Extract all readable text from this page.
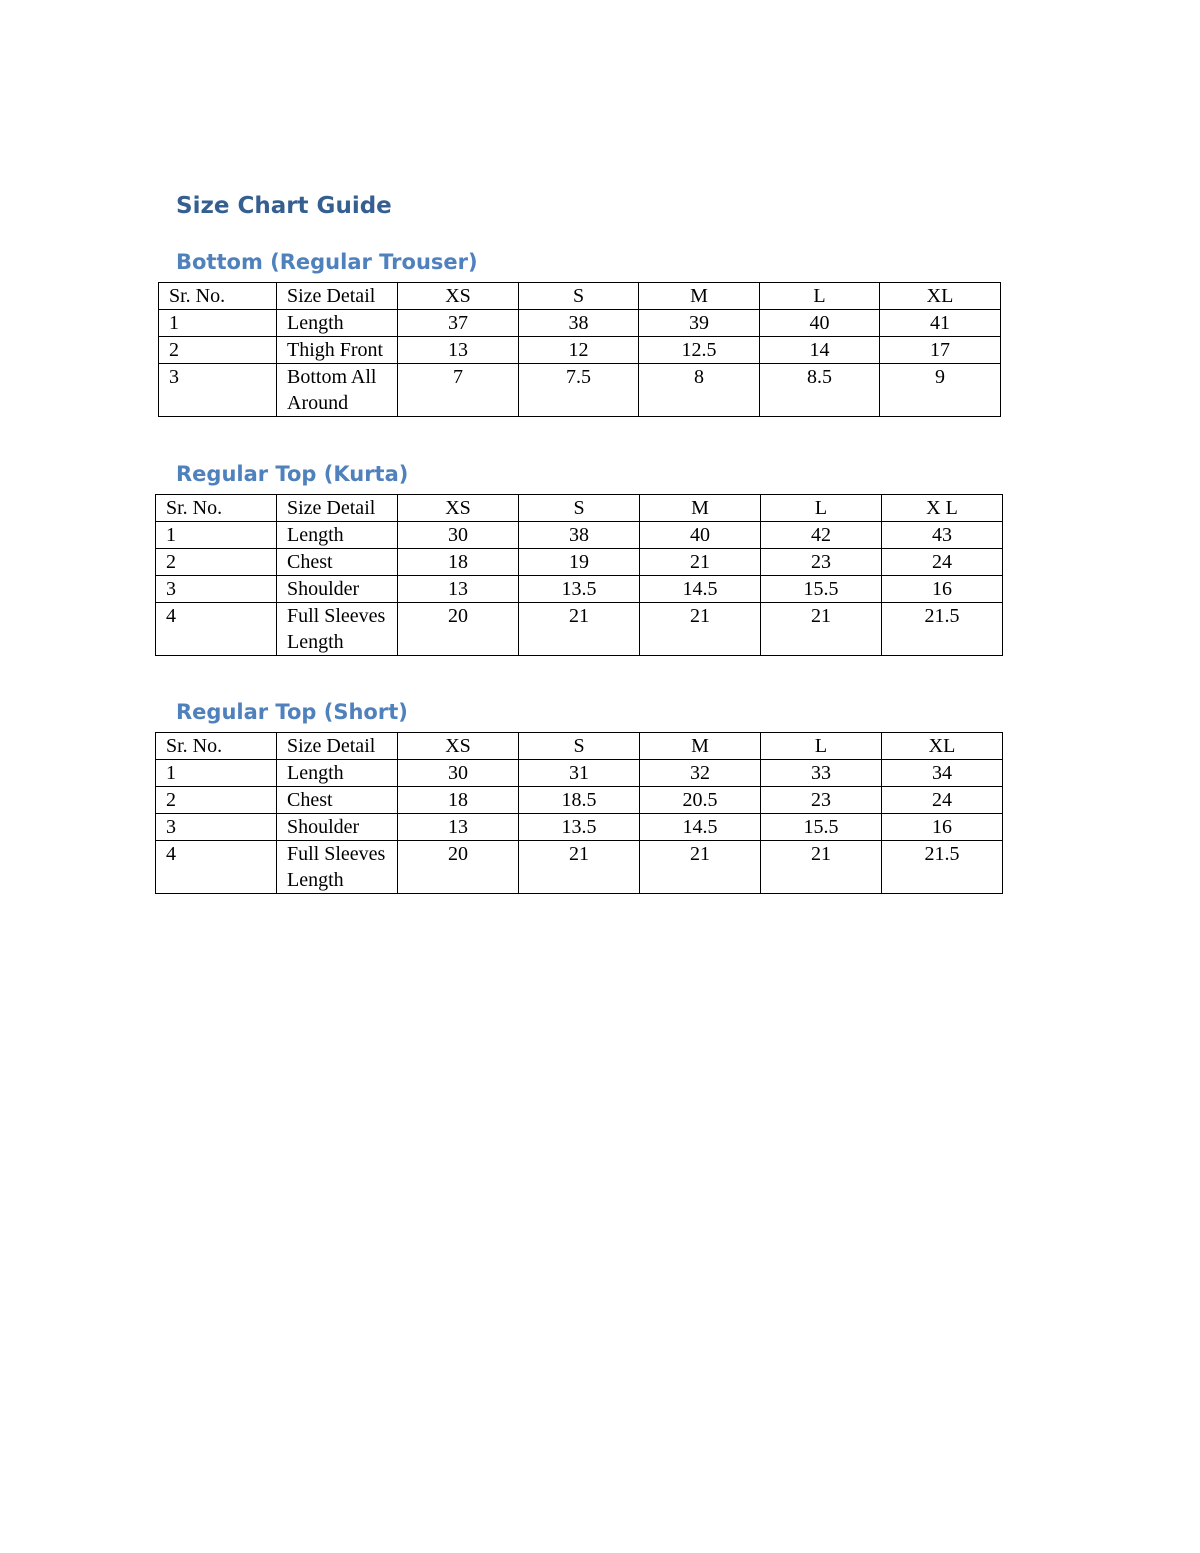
Size Chart Guide
Bottom (Regular Trouser)
Sr. No.	Size Detail	XS	S	M	L	XL
1	Length	37	38	39	40	41
2	Thigh Front	13	12	12.5	14	17
3	Bottom All Around	7	7.5	8	8.5	9
Regular Top (Kurta)
Sr. No.	Size Detail	XS	S	M	L	X L
1	Length	30	38	40	42	43
2	Chest	18	19	21	23	24
3	Shoulder	13	13.5	14.5	15.5	16
4	Full Sleeves Length	20	21	21	21	21.5
Regular Top (Short)
Sr. No.	Size Detail	XS	S	M	L	XL
1	Length	30	31	32	33	34
2	Chest	18	18.5	20.5	23	24
3	Shoulder	13	13.5	14.5	15.5	16
4	Full Sleeves Length	20	21	21	21	21.5
